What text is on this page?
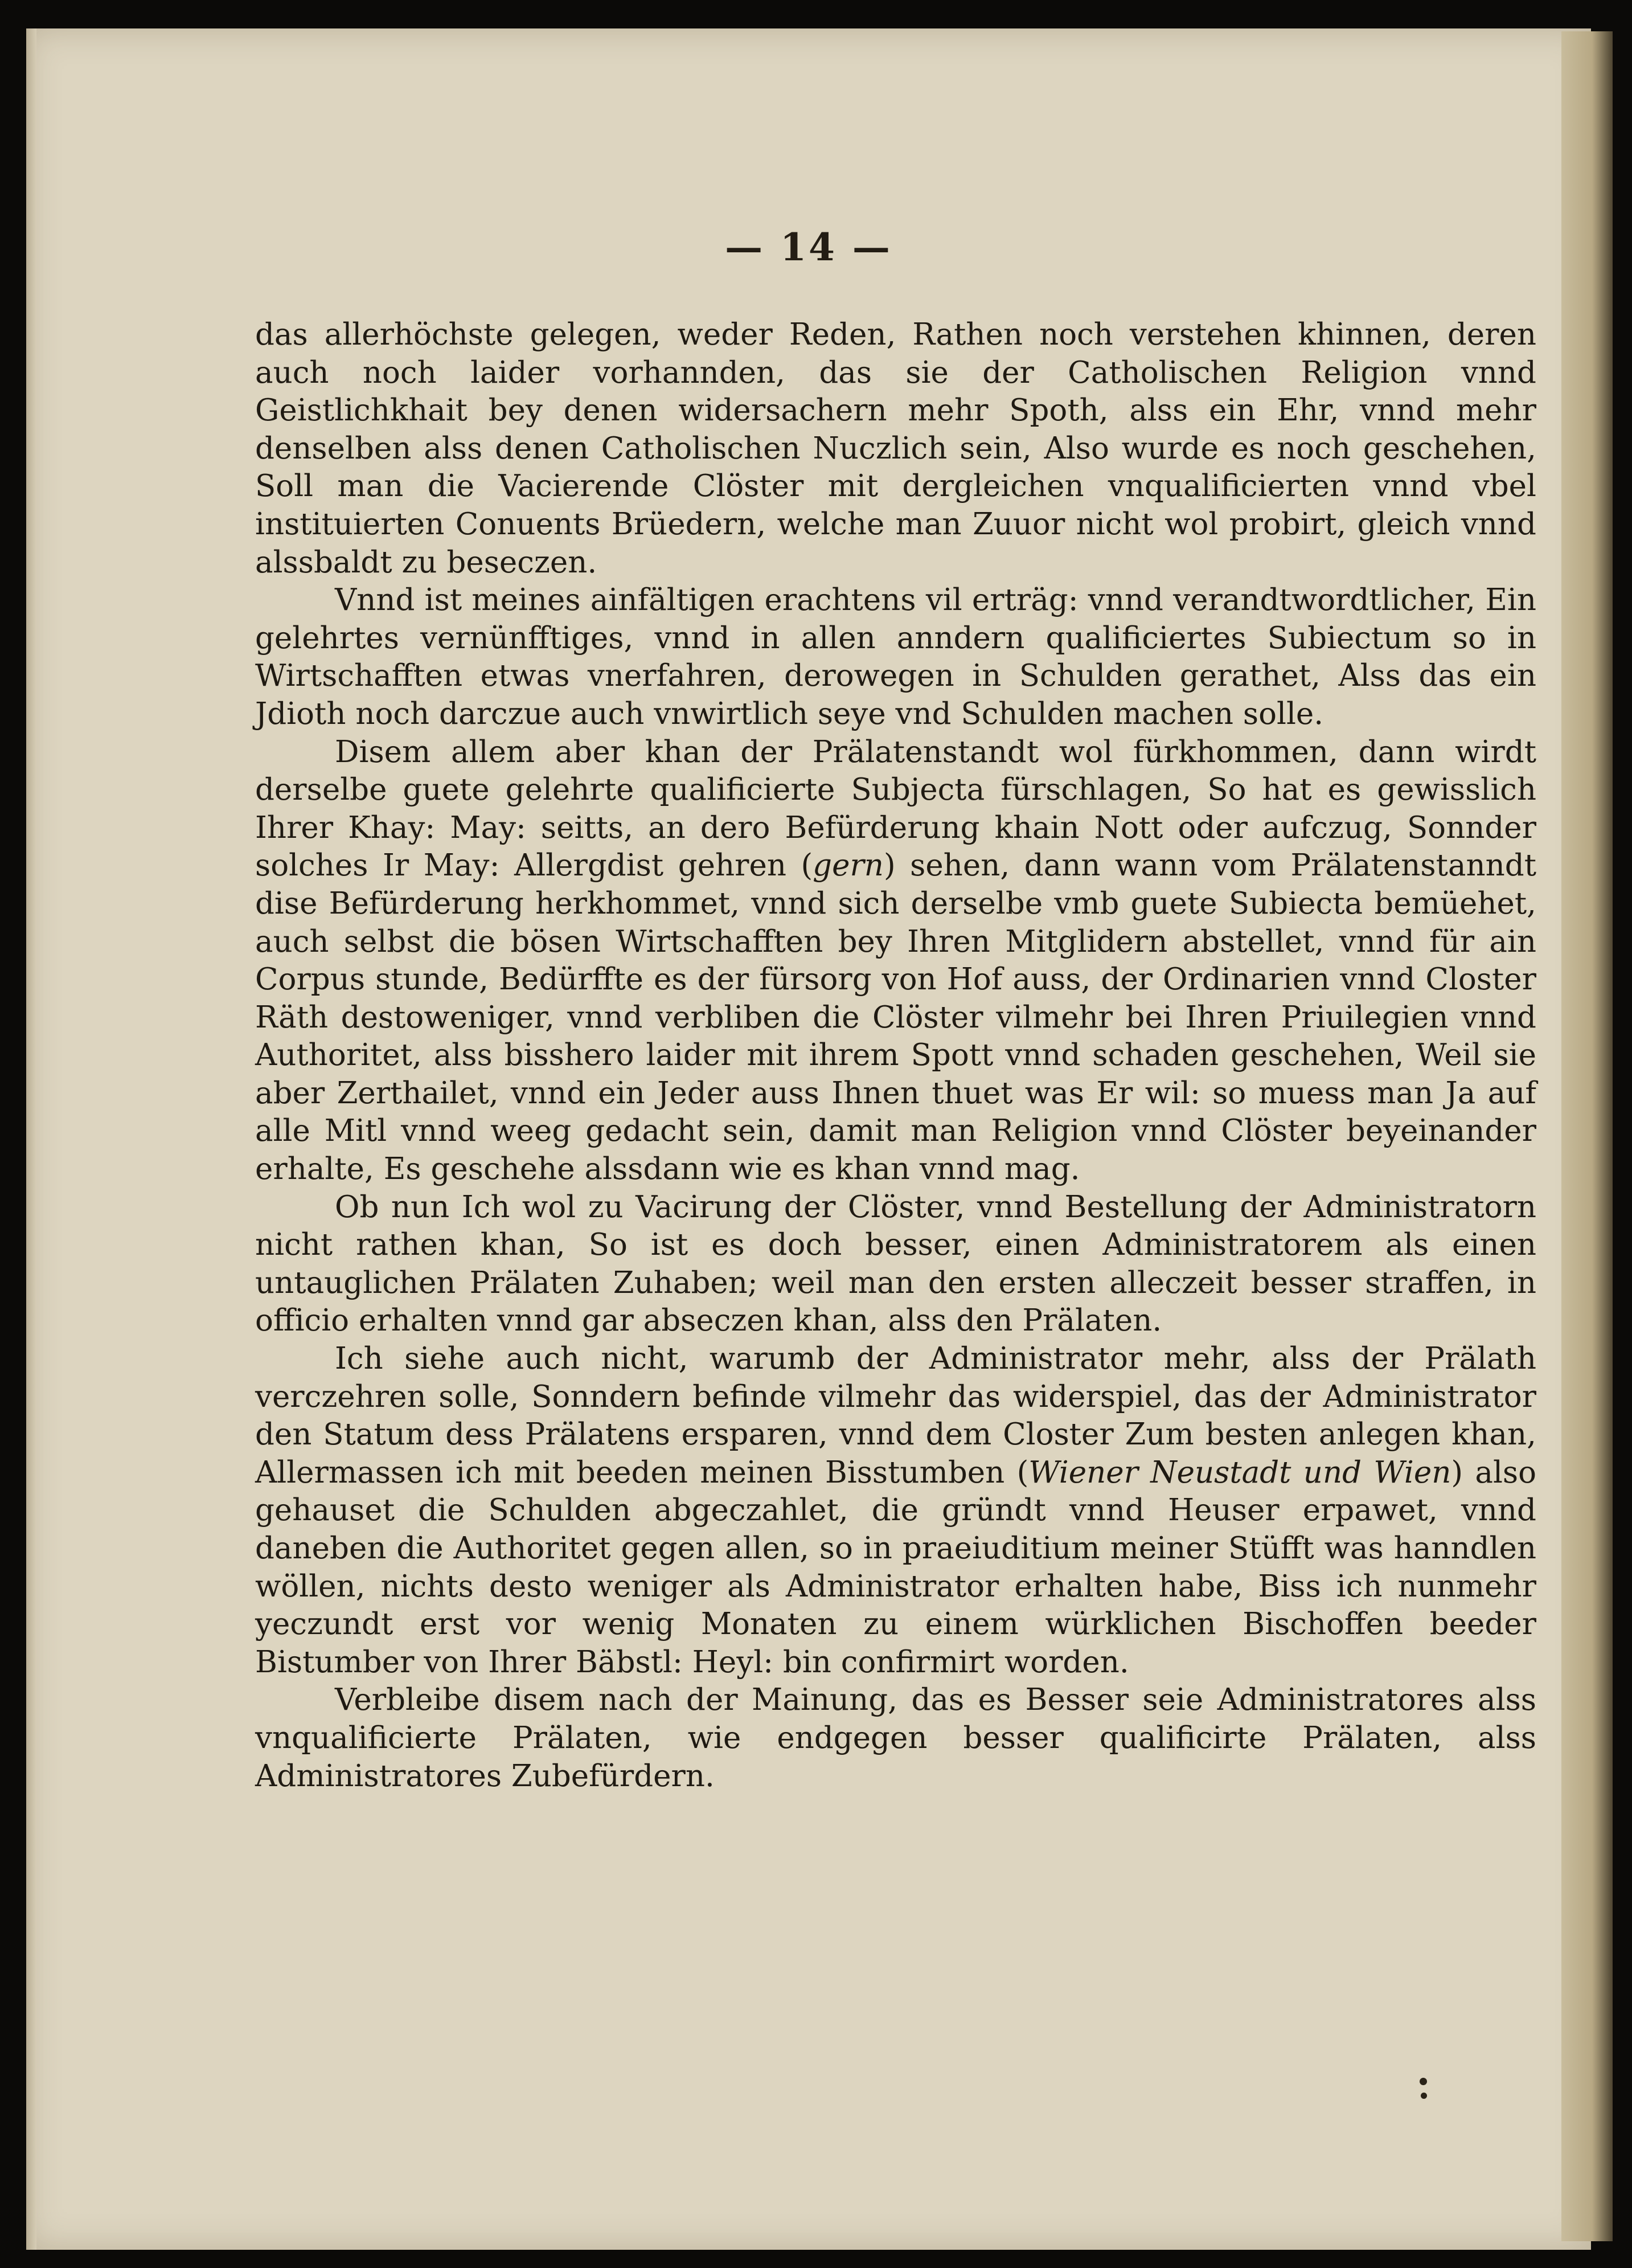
— 14 —

das allerhöchste gelegen, weder Reden, Rathen noch verstehen khinnen, deren auch noch laider vorhannden, das sie der Catholischen Religion vnnd Geistlichkhait bey denen widersachern mehr Spoth, alss ein Ehr, vnnd mehr denselben alss denen Catholischen Nuczlich sein, Also wurde es noch geschehen, Soll man die Vacierende Clöster mit dergleichen vnqualificierten vnnd vbel instituierten Conuents Brüedern, welche man Zuuor nicht wol probirt, gleich vnnd alssbaldt zu beseczen.

Vnnd ist meines ainfältigen erachtens vil erträg: vnnd verandtwordtlicher, Ein gelehrtes vernünfftiges, vnnd in allen anndern qualificiertes Subiectum so in Wirtschafften etwas vnerfahren, derowegen in Schulden gerathet, Alss das ein Jdioth noch darczue auch vnwirtlich seye vnd Schulden machen solle.

Disem allem aber khan der Prälatenstandt wol fürkhommen, dann wirdt derselbe guete gelehrte qualificierte Subjecta fürschlagen, So hat es gewisslich Ihrer Khay: May: seitts, an dero Befürderung khain Nott oder aufczug, Sonnder solches Ir May: Allergdist gehren (gern) sehen, dann wann vom Prälatenstanndt dise Befürderung herkhommet, vnnd sich derselbe vmb guete Subiecta bemüehet, auch selbst die bösen Wirtschafften bey Ihren Mitglidern abstellet, vnnd für ain Corpus stunde, Bedürffte es der fürsorg von Hof auss, der Ordinarien vnnd Closter Räth destoweniger, vnnd verbliben die Clöster vilmehr bei Ihren Priuilegien vnnd Authoritet, alss bisshero laider mit ihrem Spott vnnd schaden geschehen, Weil sie aber Zerthailet, vnnd ein Jeder auss Ihnen thuet was Er wil: so muess man Ja auf alle Mitl vnnd weeg gedacht sein, damit man Religion vnnd Clöster beyeinander erhalte, Es geschehe alssdann wie es khan vnnd mag.

Ob nun Ich wol zu Vacirung der Clöster, vnnd Bestellung der Administratorn nicht rathen khan, So ist es doch besser, einen Administratorem als einen untauglichen Prälaten Zuhaben; weil man den ersten alleczeit besser straffen, in officio erhalten vnnd gar abseczen khan, alss den Prälaten.

Ich siehe auch nicht, warumb der Administrator mehr, alss der Prälath verczehren solle, Sonndern befinde vilmehr das widerspiel, das der Administrator den Statum dess Prälatens ersparen, vnnd dem Closter Zum besten anlegen khan, Allermassen ich mit beeden meinen Bisstumben (Wiener Neustadt und Wien) also gehauset die Schulden abgeczahlet, die gründt vnnd Heuser erpawet, vnnd daneben die Authoritet gegen allen, so in praeiuditium meiner Stüfft was hanndlen wöllen, nichts desto weniger als Administrator erhalten habe, Biss ich nunmehr yeczundt erst vor wenig Monaten zu einem würklichen Bischoffen beeder Bistumber von Ihrer Bäbstl: Heyl: bin confirmirt worden.

Verbleibe disem nach der Mainung, das es Besser seie Administratores alss vnqualificierte Prälaten, wie endgegen besser qualificirte Prälaten, alss Administratores Zubefürdern.
